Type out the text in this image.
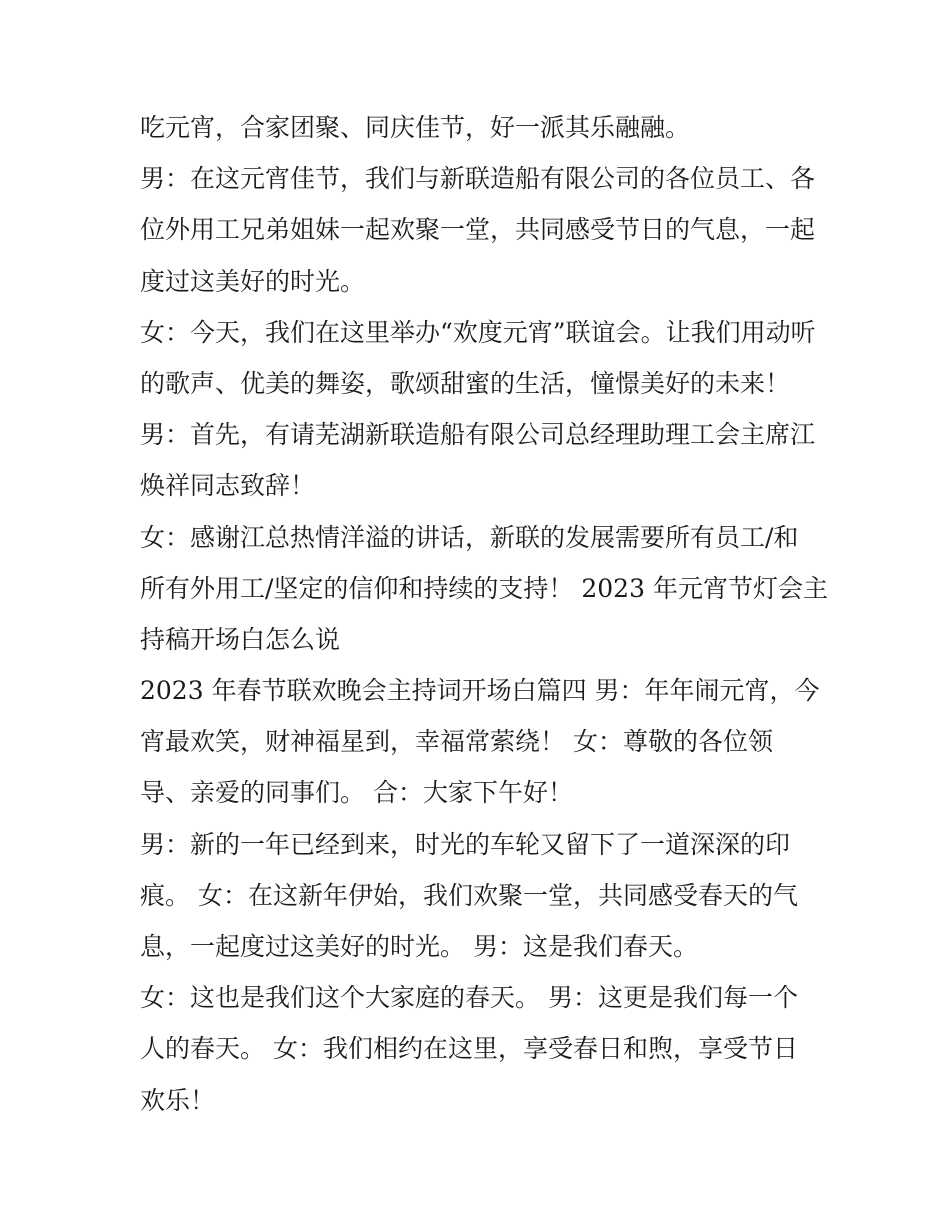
吃元宵，合家团聚、同庆佳节，好一派其乐融融。
男：在这元宵佳节，我们与新联造船有限公司的各位员工、各
位外用工兄弟姐妹一起欢聚一堂，共同感受节日的气息，一起
度过这美好的时光。
女：今天，我们在这里举办“欢度元宵”联谊会。让我们用动听
的歌声、优美的舞姿，歌颂甜蜜的生活，憧憬美好的未来！
男：首先，有请芜湖新联造船有限公司总经理助理工会主席江
焕祥同志致辞！
女：感谢江总热情洋溢的讲话，新联的发展需要所有员工/和
所有外用工/坚定的信仰和持续的支持！ 2023 年元宵节灯会主
持稿开场白怎么说
2023 年春节联欢晚会主持词开场白篇四 男：年年闹元宵，今
宵最欢笑，财神福星到，幸福常萦绕！ 女：尊敬的各位领
导、亲爱的同事们。 合：大家下午好！
男：新的一年已经到来，时光的车轮又留下了一道深深的印
痕。 女：在这新年伊始，我们欢聚一堂，共同感受春天的气
息，一起度过这美好的时光。 男：这是我们春天。
女：这也是我们这个大家庭的春天。 男：这更是我们每一个
人的春天。 女：我们相约在这里，享受春日和煦，享受节日
欢乐！
